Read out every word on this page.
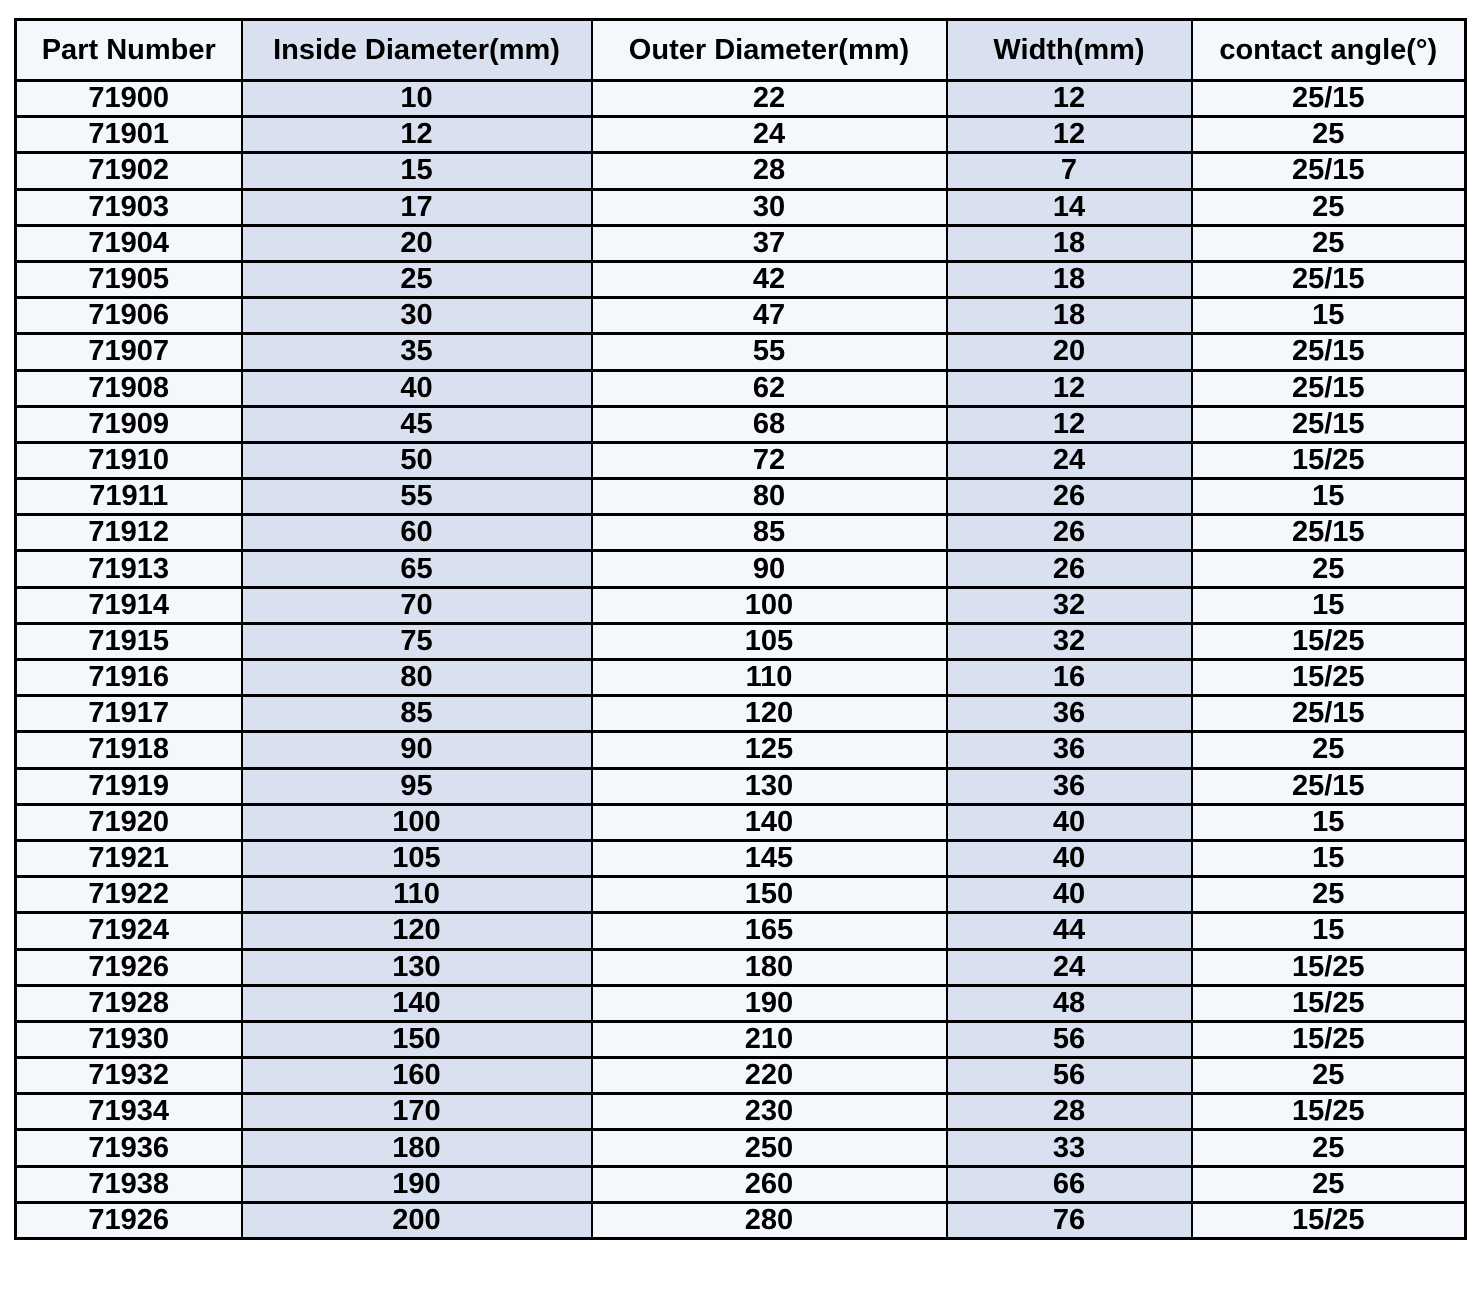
Part Number	Inside Diameter(mm)	Outer Diameter(mm)	Width(mm)	contact angle(°)
71900	10	22	12	25/15
71901	12	24	12	25
71902	15	28	7	25/15
71903	17	30	14	25
71904	20	37	18	25
71905	25	42	18	25/15
71906	30	47	18	15
71907	35	55	20	25/15
71908	40	62	12	25/15
71909	45	68	12	25/15
71910	50	72	24	15/25
71911	55	80	26	15
71912	60	85	26	25/15
71913	65	90	26	25
71914	70	100	32	15
71915	75	105	32	15/25
71916	80	110	16	15/25
71917	85	120	36	25/15
71918	90	125	36	25
71919	95	130	36	25/15
71920	100	140	40	15
71921	105	145	40	15
71922	110	150	40	25
71924	120	165	44	15
71926	130	180	24	15/25
71928	140	190	48	15/25
71930	150	210	56	15/25
71932	160	220	56	25
71934	170	230	28	15/25
71936	180	250	33	25
71938	190	260	66	25
71926	200	280	76	15/25
